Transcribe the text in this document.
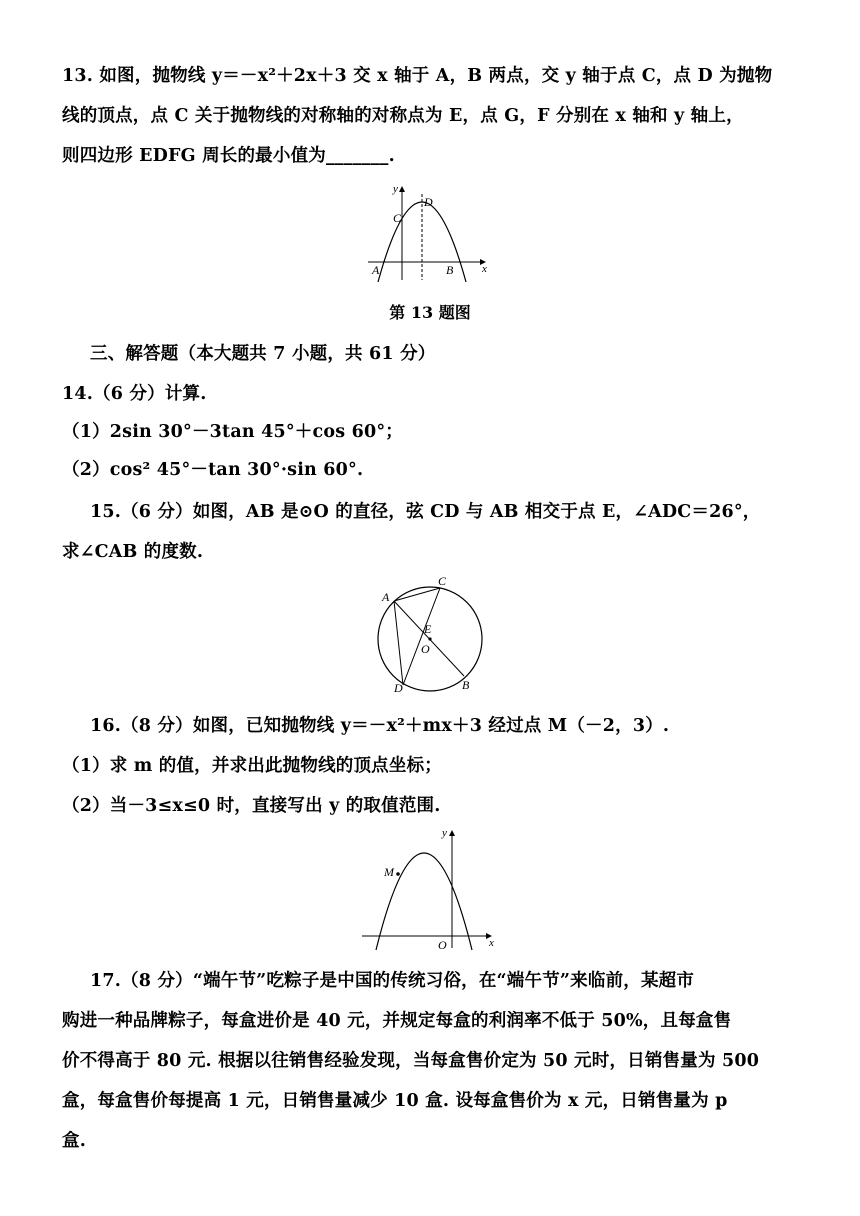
13. 如图，抛物线 y＝－x²＋2x＋3 交 x 轴于 A，B 两点，交 y 轴于点 C，点 D 为抛物
线的顶点，点 C 关于抛物线的对称轴的对称点为 E，点 G，F 分别在 x 轴和 y 轴上，
则四边形 EDFG 周长的最小值为_______.
y
x
C
D
A	B
第 13 题图
三、解答题（本大题共 7 小题，共 61 分）
14.（6 分）计算.
（1）2sin 30°－3tan 45°＋cos 60°；
（2）cos² 45°－tan 30°·sin 60°.
15.（6 分）如图，AB 是⊙O 的直径，弦 CD 与 AB 相交于点 E，∠ADC＝26°，
求∠CAB 的度数.
A
C
E
O
D	B
16.（8 分）如图，已知抛物线 y＝－x²＋mx＋3 经过点 M（－2，3）.
（1）求 m 的值，并求出此抛物线的顶点坐标；
（2）当－3≤x≤0 时，直接写出 y 的取值范围.
y
M
O	x
17.（8 分）“端午节”吃粽子是中国的传统习俗，在“端午节”来临前，某超市
购进一种品牌粽子，每盒进价是 40 元，并规定每盒的利润率不低于 50%，且每盒售
价不得高于 80 元. 根据以往销售经验发现，当每盒售价定为 50 元时，日销售量为 500
盒，每盒售价每提高 1 元，日销售量减少 10 盒. 设每盒售价为 x 元，日销售量为 p
盒.
